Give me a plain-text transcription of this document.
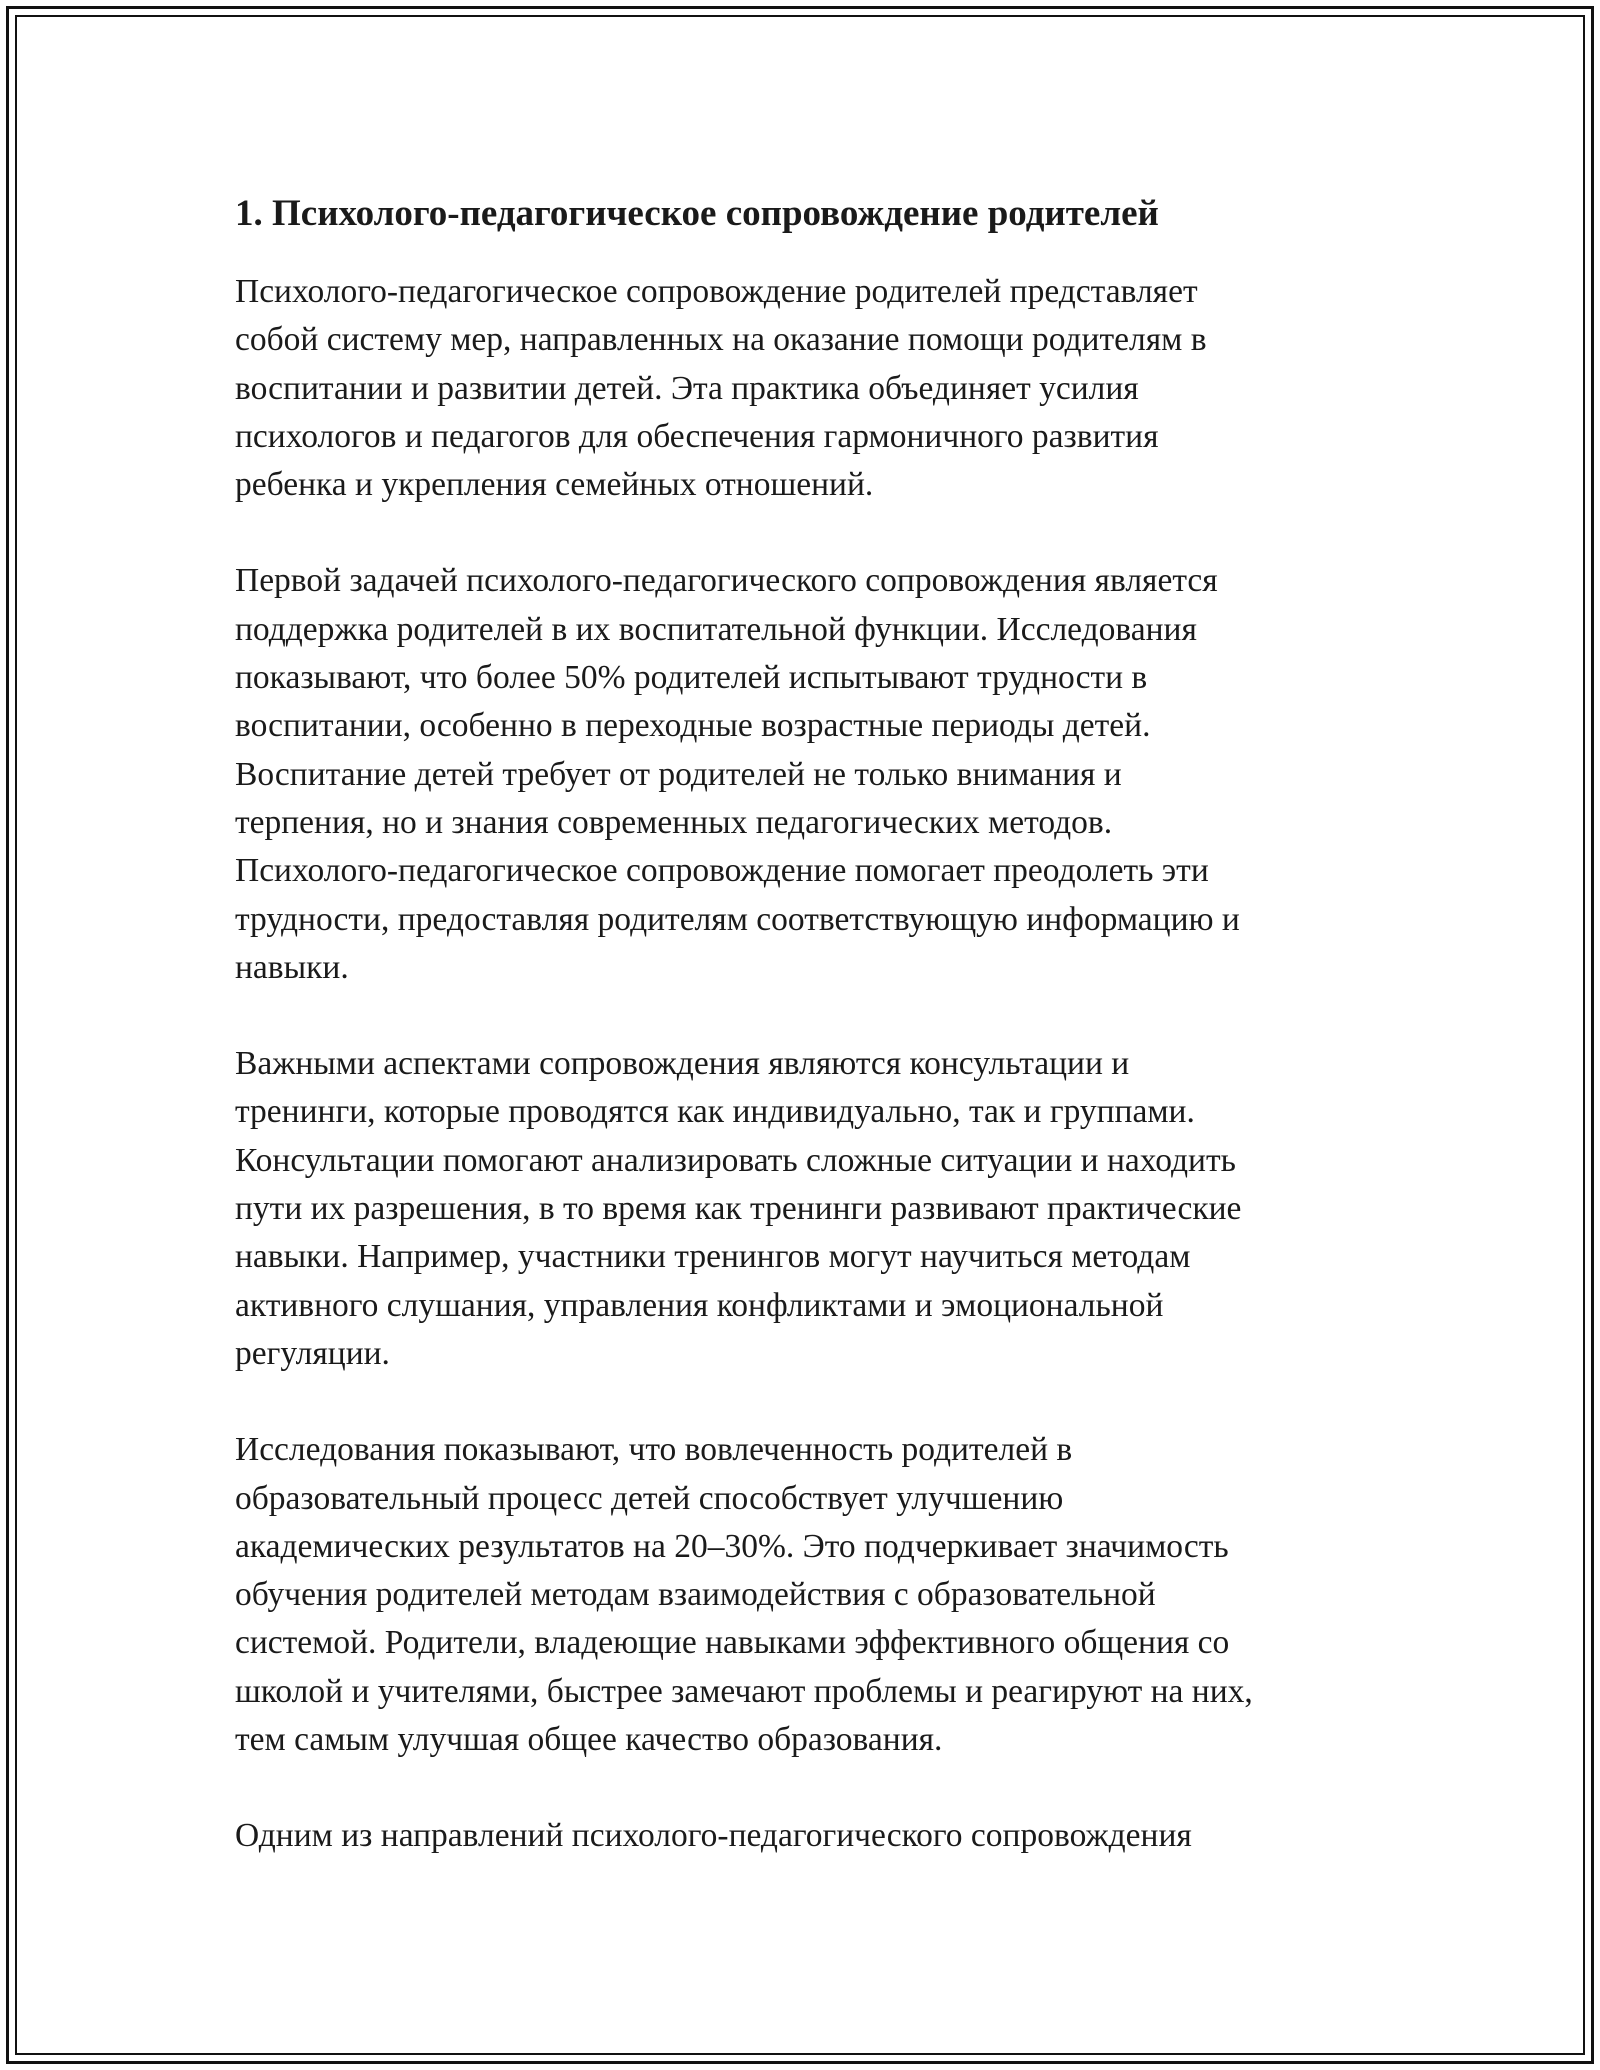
1. Психолого-педагогическое сопровождение родителей

Психолого-педагогическое сопровождение родителей представляет
собой систему мер, направленных на оказание помощи родителям в
воспитании и развитии детей. Эта практика объединяет усилия
психологов и педагогов для обеспечения гармоничного развития
ребенка и укрепления семейных отношений.

Первой задачей психолого-педагогического сопровождения является
поддержка родителей в их воспитательной функции. Исследования
показывают, что более 50% родителей испытывают трудности в
воспитании, особенно в переходные возрастные периоды детей.
Воспитание детей требует от родителей не только внимания и
терпения, но и знания современных педагогических методов.
Психолого-педагогическое сопровождение помогает преодолеть эти
трудности, предоставляя родителям соответствующую информацию и
навыки.

Важными аспектами сопровождения являются консультации и
тренинги, которые проводятся как индивидуально, так и группами.
Консультации помогают анализировать сложные ситуации и находить
пути их разрешения, в то время как тренинги развивают практические
навыки. Например, участники тренингов могут научиться методам
активного слушания, управления конфликтами и эмоциональной
регуляции.

Исследования показывают, что вовлеченность родителей в
образовательный процесс детей способствует улучшению
академических результатов на 20–30%. Это подчеркивает значимость
обучения родителей методам взаимодействия с образовательной
системой. Родители, владеющие навыками эффективного общения со
школой и учителями, быстрее замечают проблемы и реагируют на них,
тем самым улучшая общее качество образования.

Одним из направлений психолого-педагогического сопровождения
